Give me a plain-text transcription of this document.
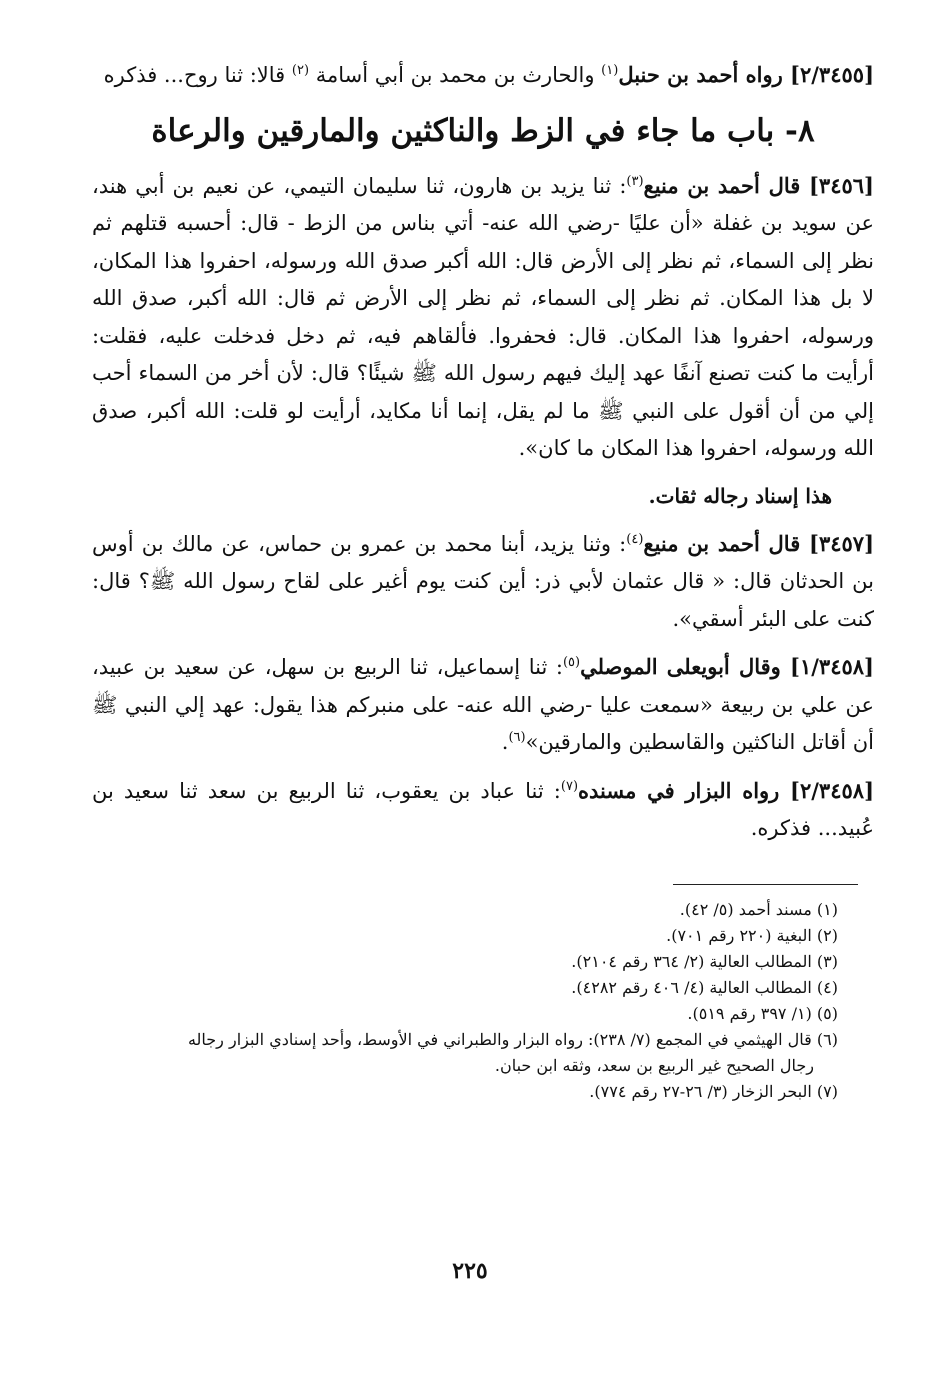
[٢/٣٤٥٥] رواه أحمد بن حنبل$^{(١)}$ والحارث بن محمد بن أبي أسامة $^{(٢)}$ قالا: ثنا روح... فذكره

٨- باب ما جاء في الزط والناكثين والمارقين والرعاة

[٣٤٥٦] قال أحمد بن منيع$^{(٣)}$: ثنا يزيد بن هارون، ثنا سليمان التيمي، عن نعيم بن أبي هند، عن سويد بن غفلة «أن عليًا -رضي الله عنه- أتي بناس من الزط - قال: أحسبه قتلهم ثم نظر إلى السماء، ثم نظر إلى الأرض قال: الله أكبر صدق الله ورسوله، احفروا هذا المكان، لا بل هذا المكان. ثم نظر إلى السماء، ثم نظر إلى الأرض ثم قال: الله أكبر، صدق الله ورسوله، احفروا هذا المكان. قال: فحفروا. فألقاهم فيه، ثم دخل فدخلت عليه، فقلت: أرأيت ما كنت تصنع آنفًا عهد إليك فيهم رسول الله ﷺ شيئًا؟ قال: لأن أخر من السماء أحب إلي من أن أقول على النبي ﷺ ما لم يقل، إنما أنا مكايد، أرأيت لو قلت: الله أكبر، صدق الله ورسوله، احفروا هذا المكان ما كان».

هذا إسناد رجاله ثقات.

[٣٤٥٧] قال أحمد بن منيع$^{(٤)}$: وثنا يزيد، أبنا محمد بن عمرو بن حماس، عن مالك بن أوس بن الحدثان قال: « قال عثمان لأبي ذر: أين كنت يوم أغير على لقاح رسول الله ﷺ؟ قال: كنت على البئر أسقي».

[١/٣٤٥٨] وقال أبويعلى الموصلي$^{(٥)}$: ثنا إسماعيل، ثنا الربيع بن سهل، عن سعيد بن عبيد، عن علي بن ربيعة «سمعت عليا -رضي الله عنه- على منبركم هذا يقول: عهد إلي النبي ﷺ أن أقاتل الناكثين والقاسطين والمارقين»$^{(٦)}$.

[٢/٣٤٥٨] رواه البزار في مسنده$^{(٧)}$: ثنا عباد بن يعقوب، ثنا الربيع بن سعد ثنا سعيد بن عُبيد... فذكره.

(١) مسند أحمد (٥/ ٤٢).
(٢) البغية (٢٢٠ رقم ٧٠١).
(٣) المطالب العالية (٢/ ٣٦٤ رقم ٢١٠٤).
(٤) المطالب العالية (٤/ ٤٠٦ رقم ٤٢٨٢).
(٥) (١/ ٣٩٧ رقم ٥١٩).
(٦) قال الهيثمي في المجمع (٧/ ٢٣٨): رواه البزار والطبراني في الأوسط، وأحد إسنادي البزار رجاله
رجال الصحيح غير الربيع بن سعد، وثقه ابن حبان.
(٧) البحر الزخار (٣/ ٢٦-٢٧ رقم ٧٧٤).
٢٢٥
